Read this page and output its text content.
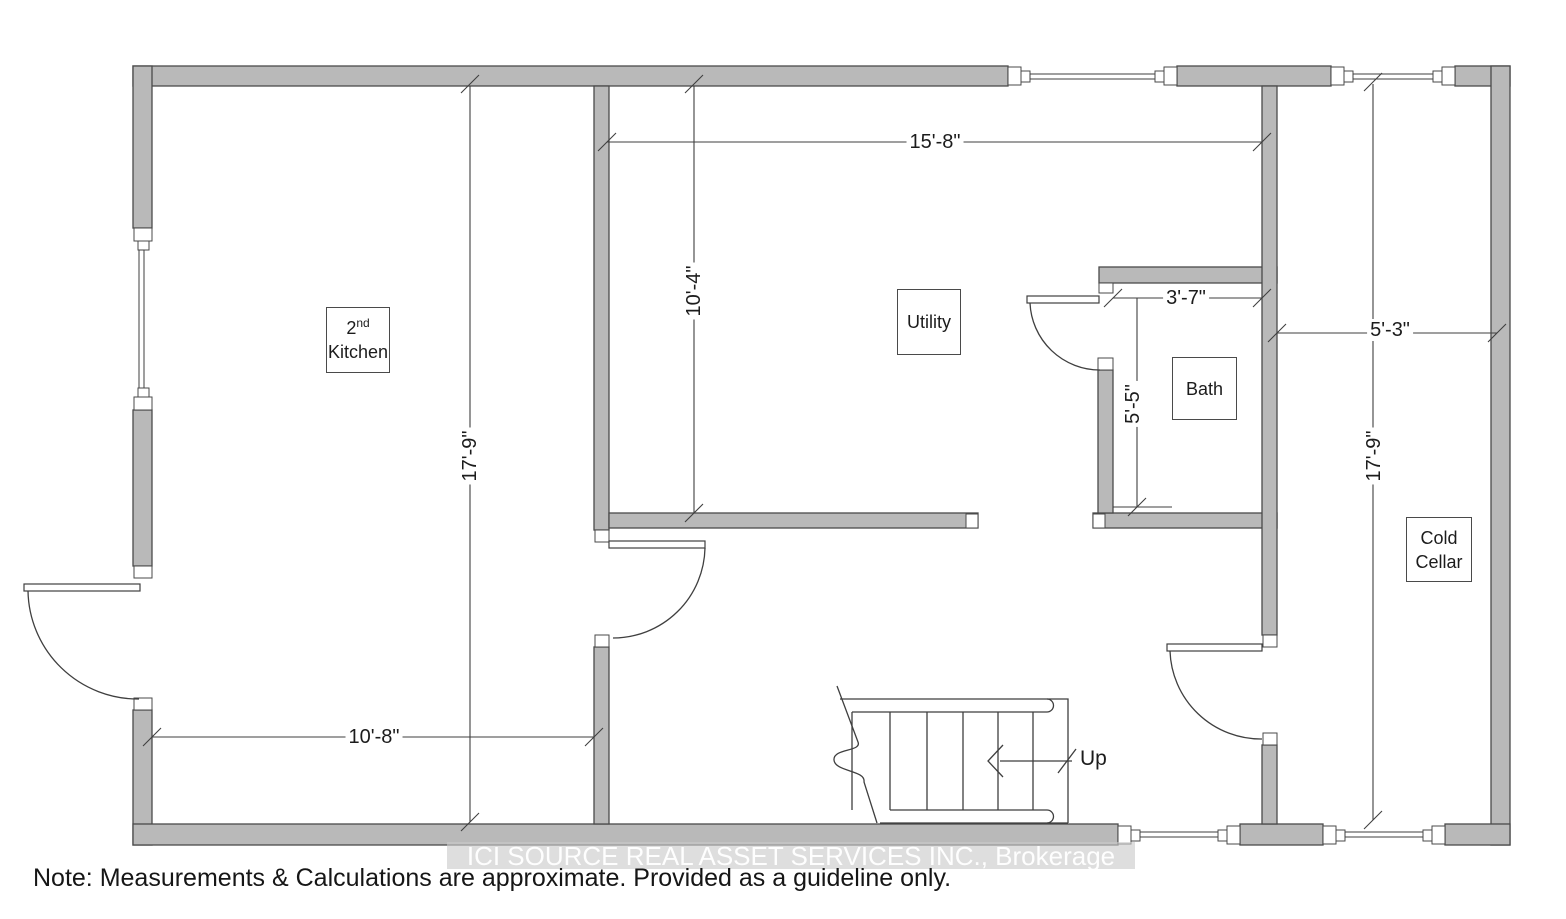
15'-8"
10'-4"
17'-9"
10'-8"
3'-7"
5'-5"
5'-3"
17'-9"
2nd
Kitchen
Utility
Bath
Cold
Cellar
Up
ICI SOURCE REAL ASSET SERVICES INC., Brokerage
Note: Measurements & Calculations are approximate. Provided as a guideline only.
